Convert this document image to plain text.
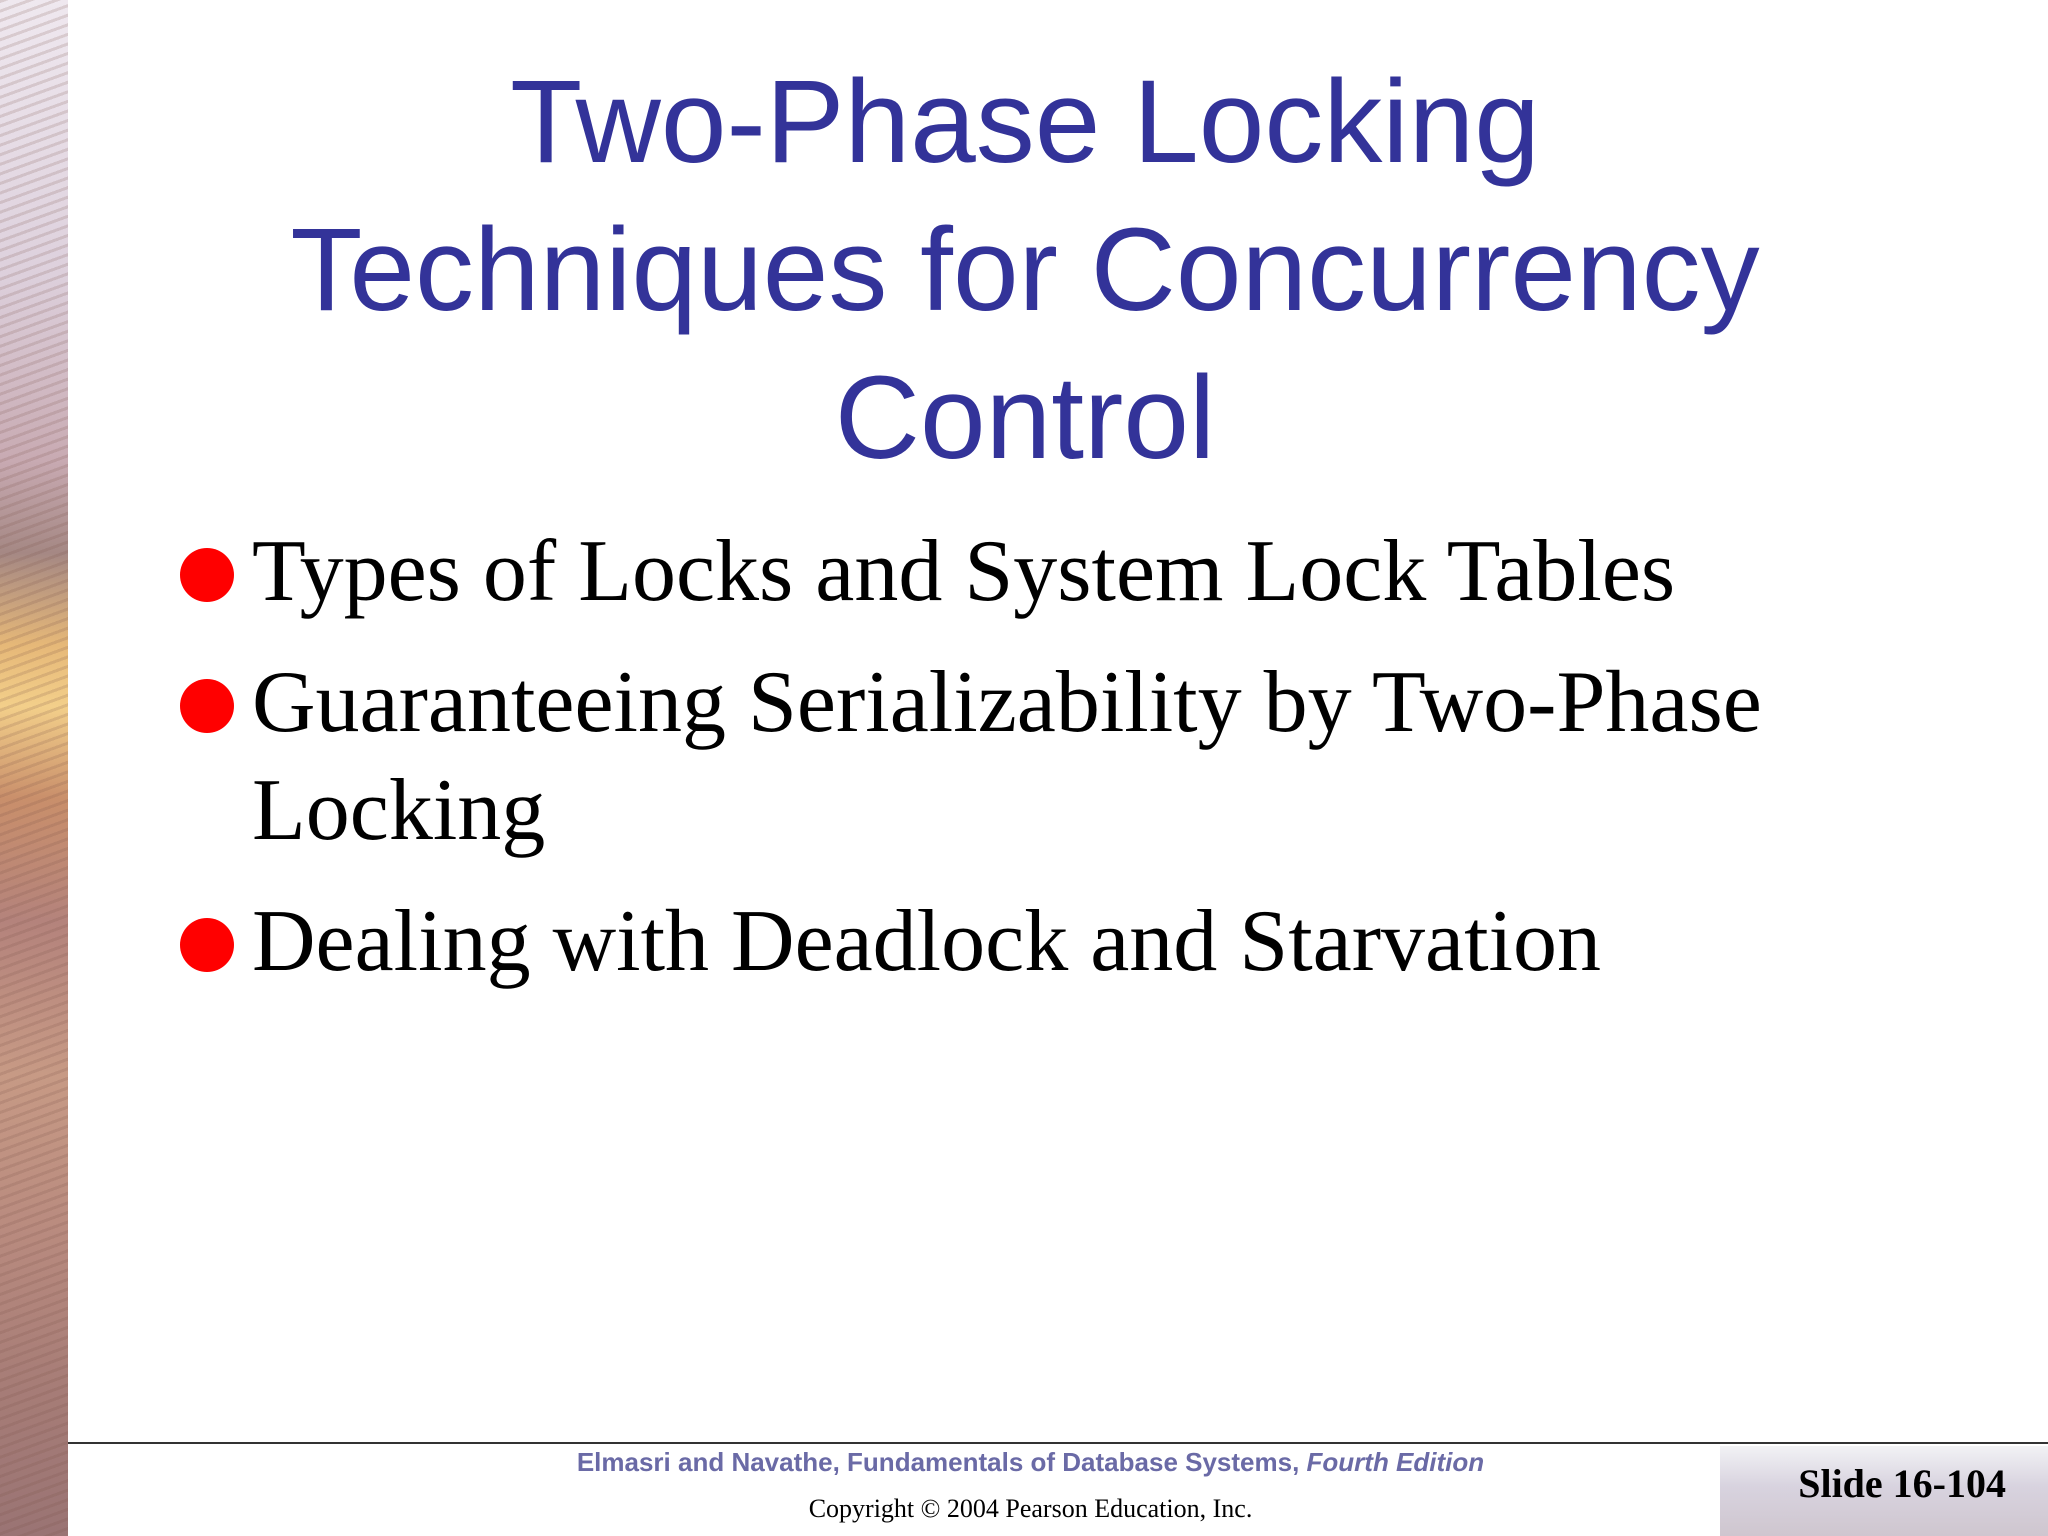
Two-Phase Locking
Techniques for Concurrency
Control
Types of Locks and System Lock Tables
Guaranteeing Serializability by Two-Phase Locking
Dealing with Deadlock and Starvation
Elmasri and Navathe, Fundamentals of Database Systems, Fourth Edition
Copyright © 2004 Pearson Education, Inc.
Slide 16-104
